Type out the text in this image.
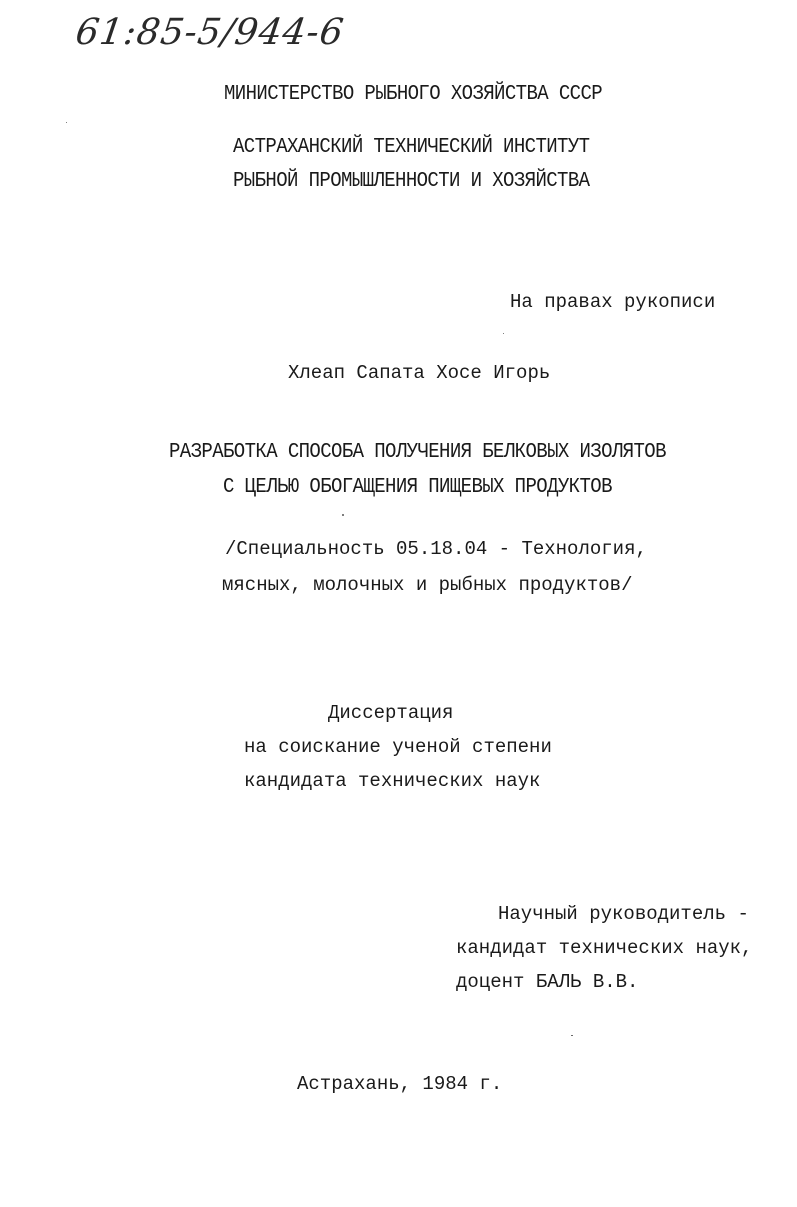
61:85-5/944-6
МИНИСТЕРСТВО РЫБНОГО ХОЗЯЙСТВА СССР
АСТРАХАНСКИЙ ТЕХНИЧЕСКИЙ ИНСТИТУТ
РЫБНОЙ ПРОМЫШЛЕННОСТИ И ХОЗЯЙСТВА
На правах рукописи
Хлеап Сапата Хосе Игорь
РАЗРАБОТКА СПОСОБА ПОЛУЧЕНИЯ БЕЛКОВЫХ ИЗОЛЯТОВ
С ЦЕЛЬЮ ОБОГАЩЕНИЯ ПИЩЕВЫХ ПРОДУКТОВ
/Специальность 05.18.04 - Технология,
мясных, молочных и рыбных продуктов/
Диссертация
на соискание ученой степени
кандидата технических наук
Научный руководитель -
кандидат технических наук,
доцент БАЛЬ В.В.
Астрахань, 1984 г.
